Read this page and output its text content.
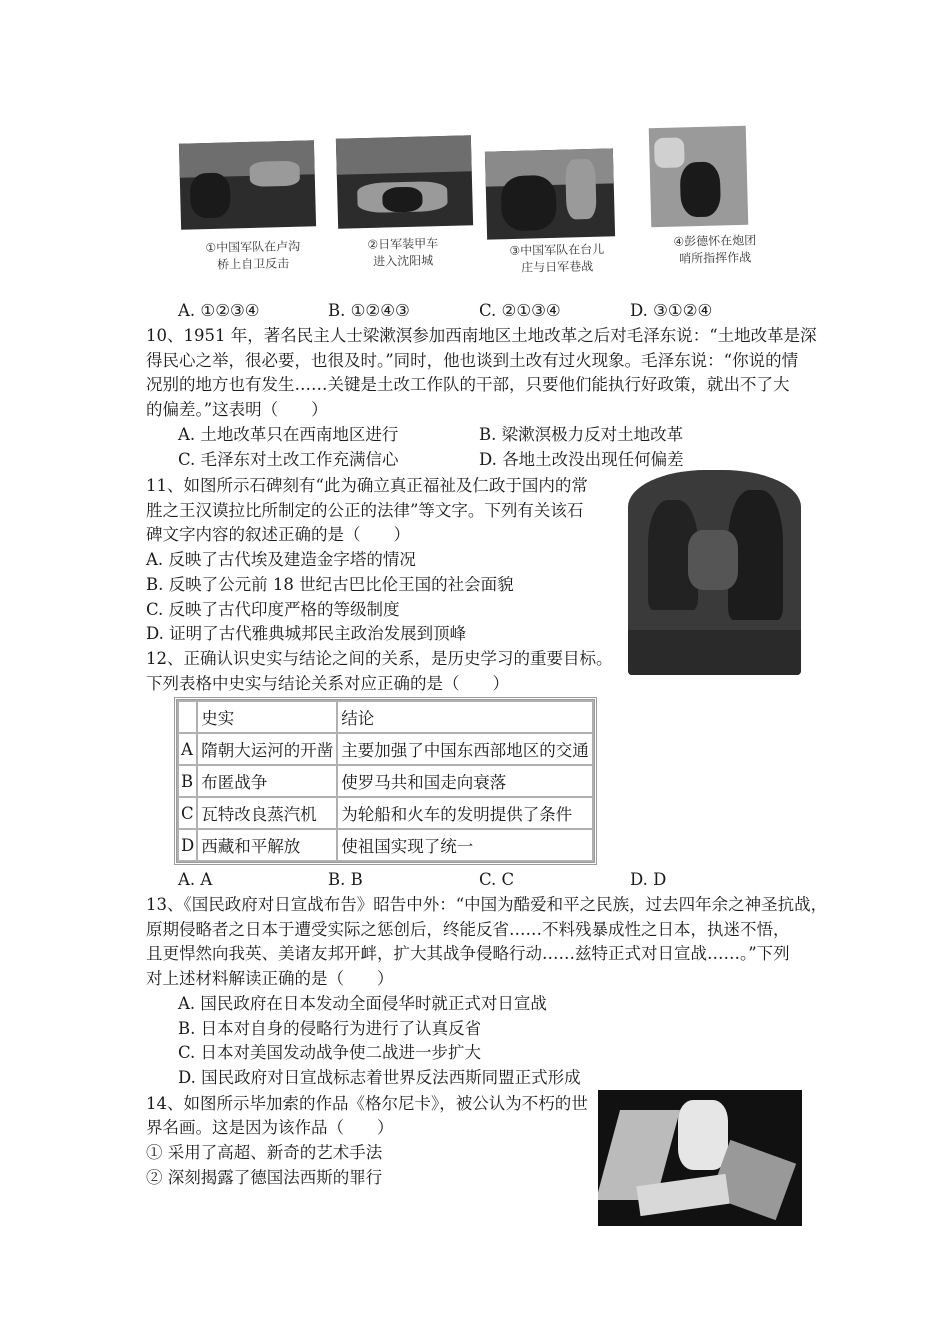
①中国军队在卢沟
桥上自卫反击
②日军装甲车
进入沈阳城
③中国军队在台儿
庄与日军巷战
④彭德怀在炮团
哨所指挥作战
A. ①②③④	B. ①②④③	C. ②①③④	D. ③①②④
10、1951 年，著名民主人士梁漱溟参加西南地区土地改革之后对毛泽东说：“土地改革是深
得民心之举，很必要，也很及时。”同时，他也谈到土改有过火现象。毛泽东说：“你说的情
况别的地方也有发生……关键是土改工作队的干部，只要他们能执行好政策，就出不了大
的偏差。”这表明（　　）
A. 土地改革只在西南地区进行	B. 梁漱溟极力反对土地改革
C. 毛泽东对土改工作充满信心	D. 各地土改没出现任何偏差
11、如图所示石碑刻有“此为确立真正福祉及仁政于国内的常
胜之王汉谟拉比所制定的公正的法律”等文字。下列有关该石
碑文字内容的叙述正确的是（　　）
A. 反映了古代埃及建造金字塔的情况
B. 反映了公元前 18 世纪古巴比伦王国的社会面貌
C. 反映了古代印度严格的等级制度
D. 证明了古代雅典城邦民主政治发展到顶峰
12、正确认识史实与结论之间的关系，是历史学习的重要目标。
下列表格中史实与结论关系对应正确的是（　　）
	史实	结论
A	隋朝大运河的开凿	主要加强了中国东西部地区的交通
B	布匿战争	使罗马共和国走向衰落
C	瓦特改良蒸汽机	为轮船和火车的发明提供了条件
D	西藏和平解放	使祖国实现了统一
A. A	B. B	C. C	D. D
13、《国民政府对日宣战布告》昭告中外：“中国为酷爱和平之民族，过去四年余之神圣抗战，
原期侵略者之日本于遭受实际之惩创后，终能反省……不料残暴成性之日本，执迷不悟，
且更悍然向我英、美诸友邦开衅，扩大其战争侵略行动……兹特正式对日宣战……。”下列
对上述材料解读正确的是（　　）
A. 国民政府在日本发动全面侵华时就正式对日宣战
B. 日本对自身的侵略行为进行了认真反省
C. 日本对美国发动战争使二战进一步扩大
D. 国民政府对日宣战标志着世界反法西斯同盟正式形成
14、如图所示毕加索的作品《格尔尼卡》，被公认为不朽的世
界名画。这是因为该作品（　　）
① 采用了高超、新奇的艺术手法
② 深刻揭露了德国法西斯的罪行
